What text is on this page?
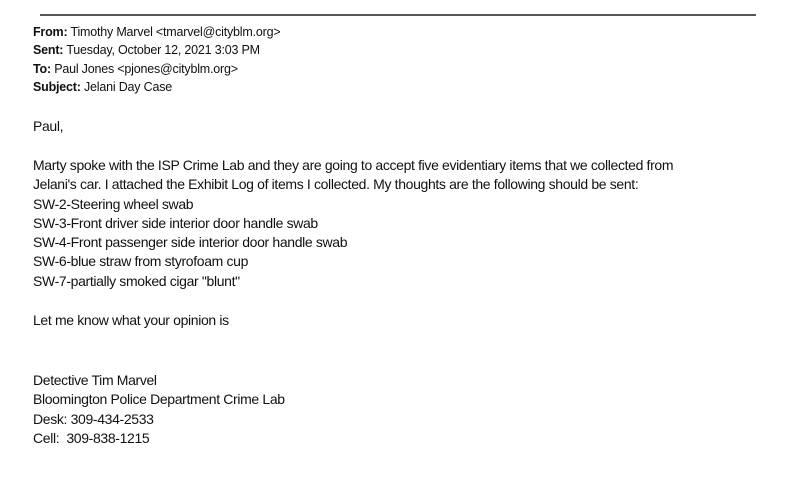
From: Timothy Marvel <tmarvel@cityblm.org>
Sent: Tuesday, October 12, 2021 3:03 PM
To: Paul Jones <pjones@cityblm.org>
Subject: Jelani Day Case
Paul,
Marty spoke with the ISP Crime Lab and they are going to accept five evidentiary items that we collected from
Jelani's car. I attached the Exhibit Log of items I collected. My thoughts are the following should be sent:
SW-2-Steering wheel swab
SW-3-Front driver side interior door handle swab
SW-4-Front passenger side interior door handle swab
SW-6-blue straw from styrofoam cup
SW-7-partially smoked cigar "blunt"
Let me know what your opinion is
Detective Tim Marvel
Bloomington Police Department Crime Lab
Desk: 309-434-2533
Cell:  309-838-1215
